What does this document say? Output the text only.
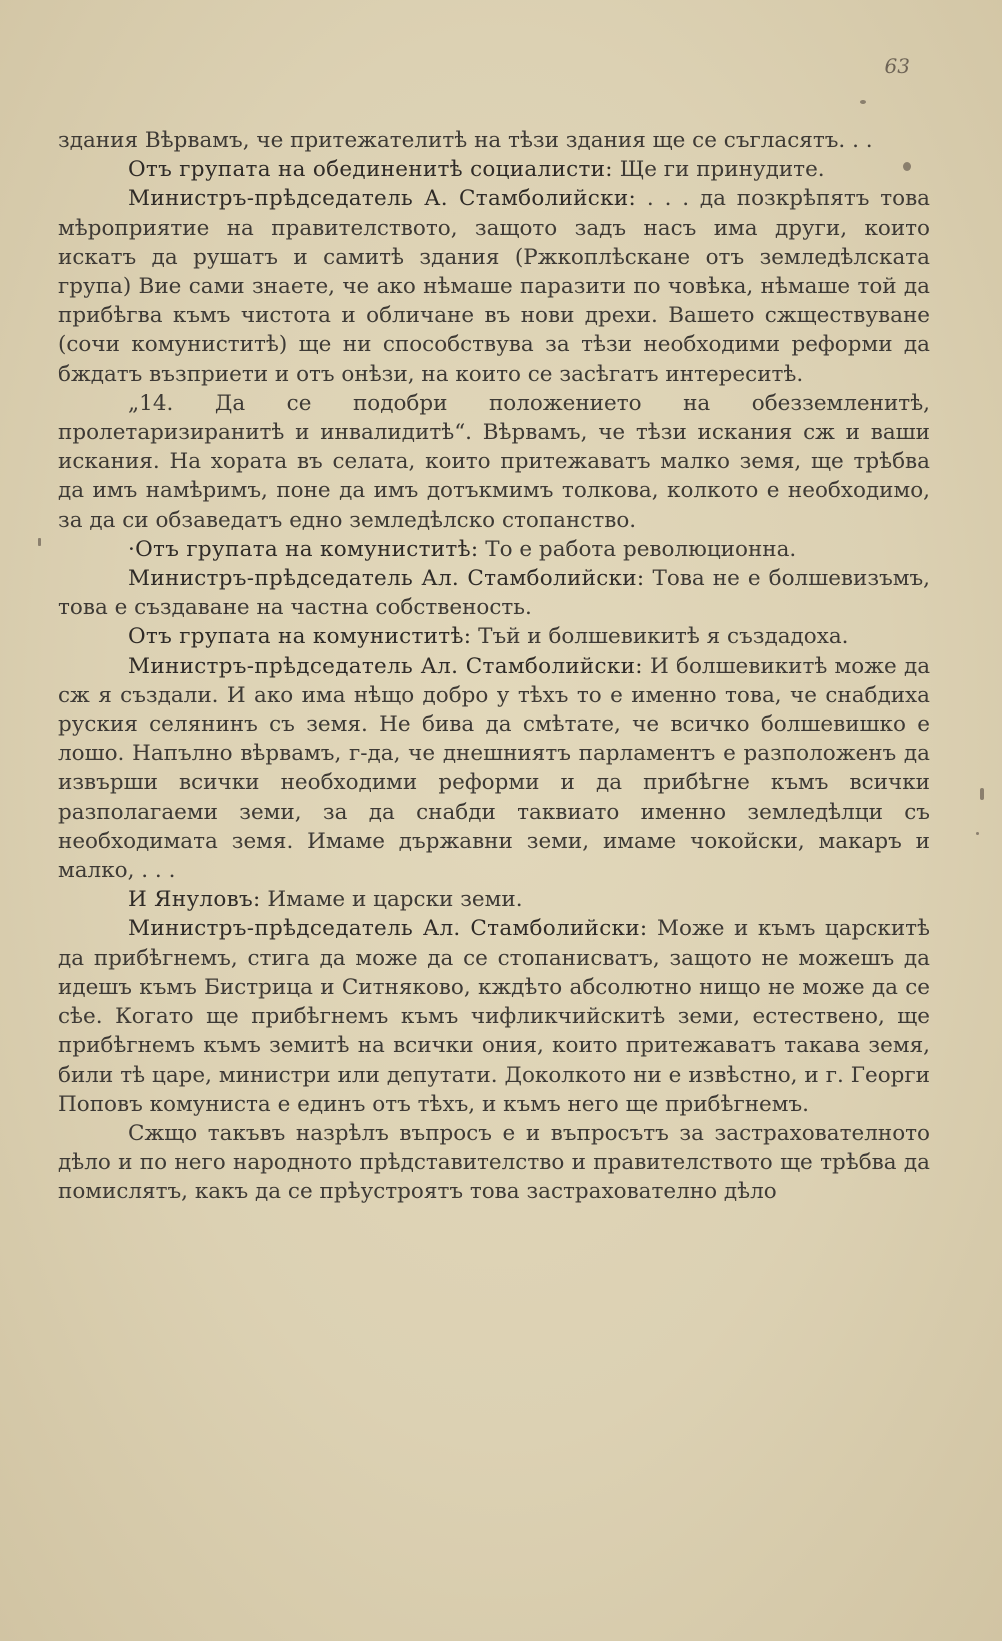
63

здания Вѣрвамъ, че притежателитѣ на тѣзи здания ще се съгласятъ. . .

Отъ групата на обединенитѣ социалисти: Ще ги принудите.

Министръ-прѣдседатель А. Стамболийски: . . . да позкрѣпятъ това мѣроприятие на правителството, защото задъ насъ има други, които искатъ да рушатъ и самитѣ здания (Ржкоплѣскане отъ земледѣлската група) Вие сами знаете, че ако нѣмаше паразити по човѣка, нѣмаше той да прибѣгва къмъ чистота и обличане въ нови дрехи. Вашето сжществуване (сочи комуниститѣ) ще ни способствува за тѣзи необходими реформи да бждатъ възприети и отъ онѣзи, на които се засѣгатъ интереситѣ.

„14. Да се подобри положението на обезземленитѣ, пролетаризиранитѣ и инвалидитѣ“. Вѣрвамъ, че тѣзи искания сж и ваши искания. На хората въ селата, които притежаватъ малко земя, ще трѣбва да имъ намѣримъ, поне да имъ дотъкмимъ толкова, колкото е необходимо, за да си обзаведатъ едно земледѣлско стопанство.

·Отъ групата на комуниститѣ: То е работа революционна.

Министръ-прѣдседатель Ал. Стамболийски: Това не е болшевизъмъ, това е създаване на частна собственость.

Отъ групата на комуниститѣ: Тъй и болшевикитѣ я създадоха.

Министръ-прѣдседатель Ал. Стамболийски: И болшевикитѣ може да сж я създали. И ако има нѣщо добро у тѣхъ то е именно това, че снабдиха руския селянинъ съ земя. Не бива да смѣтате, че всичко болшевишко е лошо. Напълно вѣрвамъ, г-да, че днешниятъ парламентъ е разположенъ да извърши всички необходими реформи и да прибѣгне къмъ всички разполагаеми земи, за да снабди таквиато именно земледѣлци съ необходимата земя. Имаме държавни земи, имаме чокойски, макаръ и малко, . . .

И Януловъ: Имаме и царски земи.

Министръ-прѣдседатель Ал. Стамболийски: Може и къмъ царскитѣ да прибѣгнемъ, стига да може да се стопанисватъ, защото не можешъ да идешъ къмъ Бистрица и Ситняково, кждѣто абсолютно нищо не може да се сѣе. Когато ще прибѣгнемъ къмъ чифликчийскитѣ земи, естествено, ще прибѣгнемъ къмъ земитѣ на всички ония, които притежаватъ такава земя, били тѣ царе, министри или депутати. Доколкото ни е извѣстно, и г. Георги Поповъ комуниста е единъ отъ тѣхъ, и къмъ него ще прибѣгнемъ.

Сжщо такъвъ назрѣлъ въпросъ е и въпросътъ за застраховатeлното дѣло и по него народното прѣдставителство и правителството ще трѣбва да помислятъ, какъ да се прѣустроятъ това застраховатeлно дѣло
